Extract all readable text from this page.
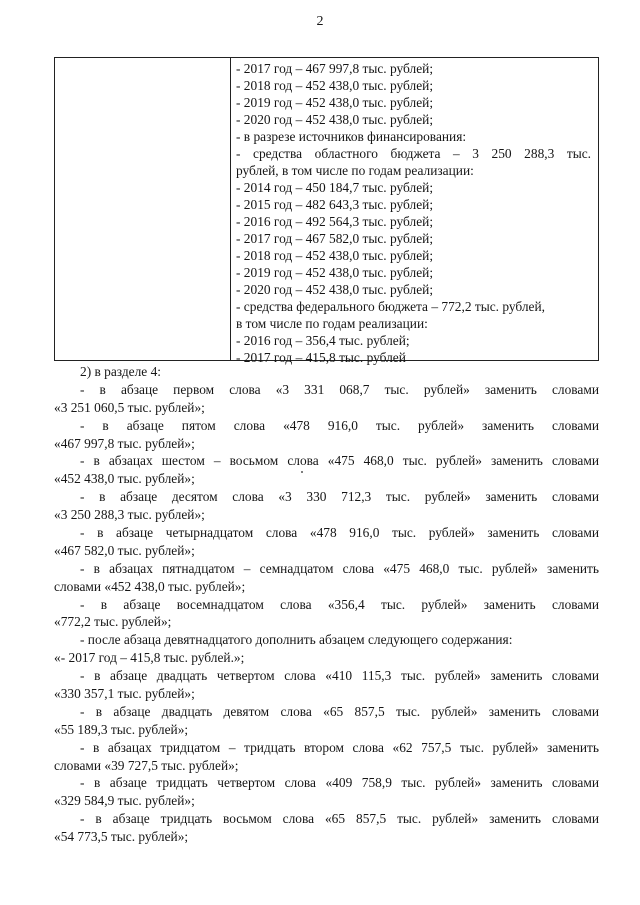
2
- 2017 год – 467 997,8 тыс. рублей;
- 2018 год – 452 438,0 тыс. рублей;
- 2019 год – 452 438,0 тыс. рублей;
- 2020 год – 452 438,0 тыс. рублей;
- в разрезе источников финансирования:
- средства областного бюджета – 3 250 288,3 тыс.
рублей, в том числе по годам реализации:
- 2014 год – 450 184,7 тыс. рублей;
- 2015 год – 482 643,3 тыс. рублей;
- 2016 год – 492 564,3 тыс. рублей;
- 2017 год – 467 582,0 тыс. рублей;
- 2018 год – 452 438,0 тыс. рублей;
- 2019 год – 452 438,0 тыс. рублей;
- 2020 год – 452 438,0 тыс. рублей;
- средства федерального бюджета – 772,2 тыс. рублей,
в том числе по годам реализации:
- 2016 год – 356,4 тыс. рублей;
- 2017 год – 415,8 тыс. рублей
2) в разделе 4:
- в абзаце первом слова «3 331 068,7 тыс. рублей» заменить словами
«3 251 060,5 тыс. рублей»;
- в абзаце пятом слова «478 916,0 тыс. рублей» заменить словами
«467 997,8 тыс. рублей»;
- в абзацах шестом – восьмом слова «475 468,0 тыс. рублей» заменить словами
«452 438,0 тыс. рублей»;
- в абзаце десятом слова «3 330 712,3 тыс. рублей» заменить словами
«3 250 288,3 тыс. рублей»;
- в абзаце четырнадцатом слова «478 916,0 тыс. рублей» заменить словами
«467 582,0 тыс. рублей»;
- в абзацах пятнадцатом – семнадцатом слова «475 468,0 тыс. рублей» заменить
словами «452 438,0 тыс. рублей»;
- в абзаце восемнадцатом слова «356,4 тыс. рублей» заменить словами
«772,2 тыс. рублей»;
- после абзаца девятнадцатого дополнить абзацем следующего содержания:
«- 2017 год – 415,8 тыс. рублей.»;
- в абзаце двадцать четвертом слова «410 115,3 тыс. рублей» заменить словами
«330 357,1 тыс. рублей»;
- в абзаце двадцать девятом слова «65 857,5 тыс. рублей» заменить словами
«55 189,3 тыс. рублей»;
- в абзацах тридцатом – тридцать втором слова «62 757,5 тыс. рублей» заменить
словами «39 727,5 тыс. рублей»;
- в абзаце тридцать четвертом слова «409 758,9 тыс. рублей» заменить словами
«329 584,9 тыс. рублей»;
- в абзаце тридцать восьмом слова «65 857,5 тыс. рублей» заменить словами
«54 773,5 тыс. рублей»;
